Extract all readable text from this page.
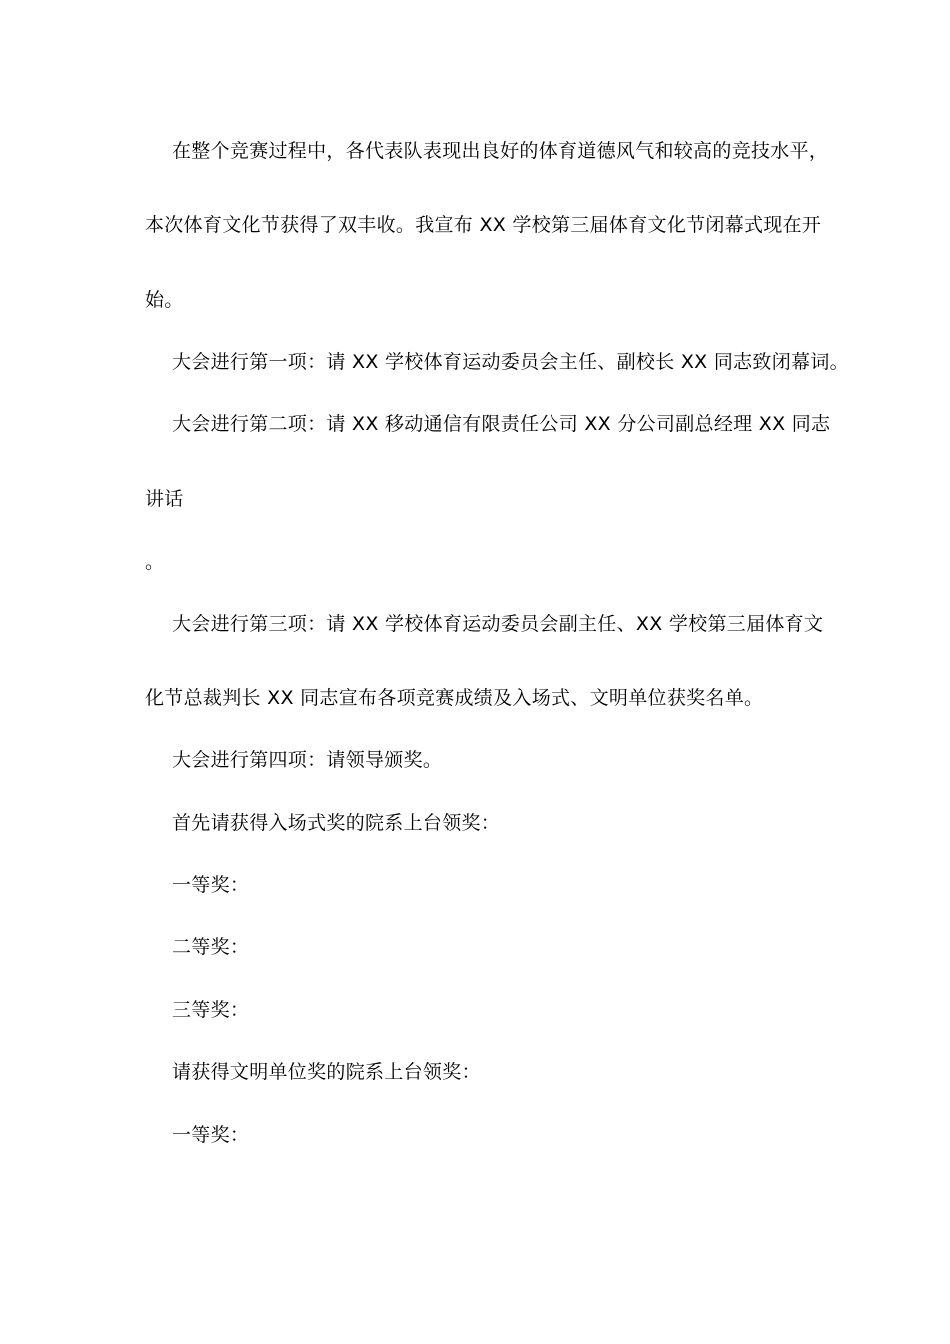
在整个竞赛过程中，各代表队表现出良好的体育道德风气和较高的竞技水平，
本次体育文化节获得了双丰收。我宣布 XX 学校第三届体育文化节闭幕式现在开
始。
大会进行第一项：请 XX 学校体育运动委员会主任、副校长 XX 同志致闭幕词。
大会进行第二项：请 XX 移动通信有限责任公司 XX 分公司副总经理 XX 同志
讲话
。
大会进行第三项：请 XX 学校体育运动委员会副主任、XX 学校第三届体育文
化节总裁判长 XX 同志宣布各项竞赛成绩及入场式、文明单位获奖名单。
大会进行第四项：请领导颁奖。
首先请获得入场式奖的院系上台领奖：
一等奖：
二等奖：
三等奖：
请获得文明单位奖的院系上台领奖：
一等奖：
